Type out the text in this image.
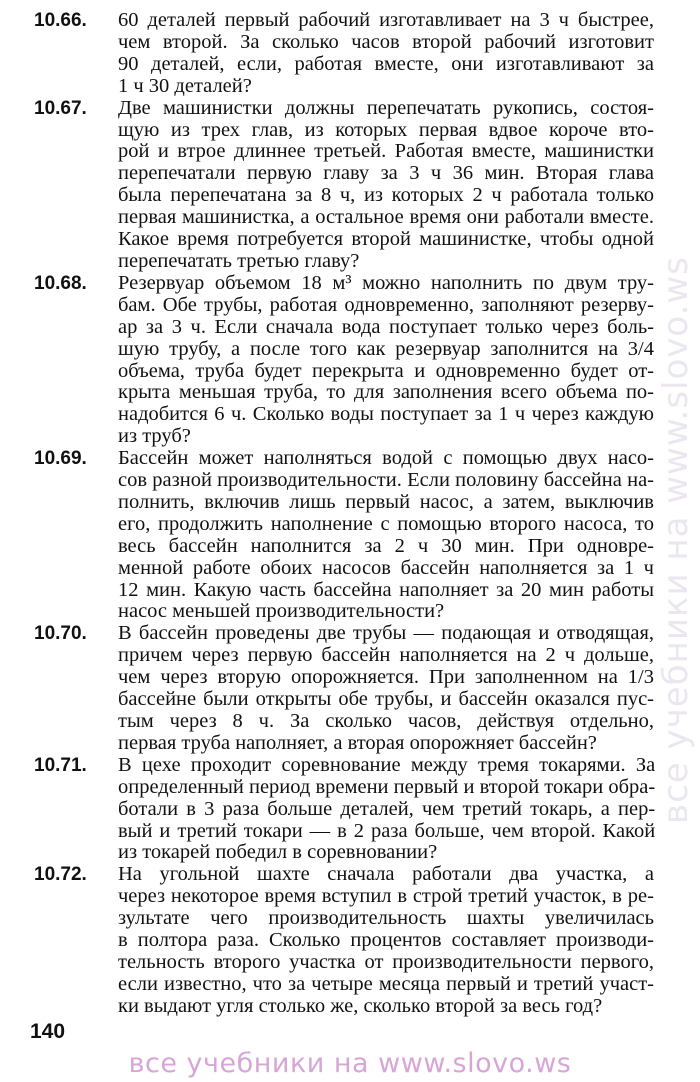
10.66.	60 деталей первый рабочий изготавливает на 3 ч быстрее,
чем второй. За сколько часов второй рабочий изготовит
90 деталей, если, работая вместе, они изготавливают за
1 ч 30 деталей?
10.67.	Две машинистки должны перепечатать рукопись, состоя-
щую из трех глав, из которых первая вдвое короче вто-
рой и втрое длиннее третьей. Работая вместе, машинистки
перепечатали первую главу за 3 ч 36 мин. Вторая глава
была перепечатана за 8 ч, из которых 2 ч работала только
первая машинистка, а остальное время они работали вместе.
Какое время потребуется второй машинистке, чтобы одной
перепечатать третью главу?
10.68.	Резервуар объемом 18 м³ можно наполнить по двум тру-
бам. Обе трубы, работая одновременно, заполняют резерву-
ар за 3 ч. Если сначала вода поступает только через боль-
шую трубу, а после того как резервуар заполнится на 3/4
объема, труба будет перекрыта и одновременно будет от-
крыта меньшая труба, то для заполнения всего объема по-
надобится 6 ч. Сколько воды поступает за 1 ч через каждую
из труб?
10.69.	Бассейн может наполняться водой с помощью двух насо-
сов разной производительности. Если половину бассейна на-
полнить, включив лишь первый насос, а затем, выключив
его, продолжить наполнение с помощью второго насоса, то
весь бассейн наполнится за 2 ч 30 мин. При одновре-
менной работе обоих насосов бассейн наполняется за 1 ч
12 мин. Какую часть бассейна наполняет за 20 мин работы
насос меньшей производительности?
10.70.	В бассейн проведены две трубы — подающая и отводящая,
причем через первую бассейн наполняется на 2 ч дольше,
чем через вторую опорожняется. При заполненном на 1/3
бассейне были открыты обе трубы, и бассейн оказался пус-
тым через 8 ч. За сколько часов, действуя отдельно,
первая труба наполняет, а вторая опорожняет бассейн?
10.71.	В цехе проходит соревнование между тремя токарями. За
определенный период времени первый и второй токари обра-
ботали в 3 раза больше деталей, чем третий токарь, а пер-
вый и третий токари — в 2 раза больше, чем второй. Какой
из токарей победил в соревновании?
10.72.	На угольной шахте сначала работали два участка, а
через некоторое время вступил в строй третий участок, в ре-
зультате чего производительность шахты увеличилась
в полтора раза. Сколько процентов составляет производи-
тельность второго участка от производительности первого,
если известно, что за четыре месяца первый и третий участ-
ки выдают угля столько же, сколько второй за весь год?
140
все учебники на www.slovo.ws
все учебники на www.slovo.ws
